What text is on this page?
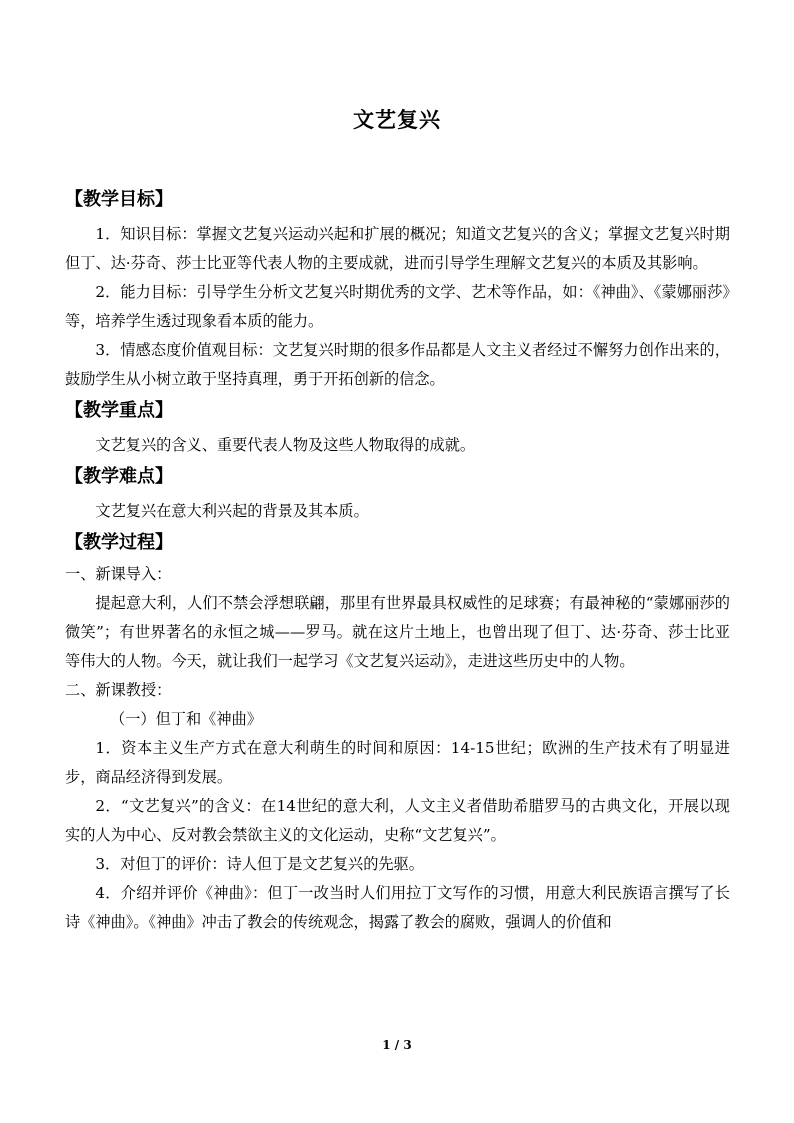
文艺复兴

【教学目标】

1．知识目标：掌握文艺复兴运动兴起和扩展的概况；知道文艺复兴的含义；掌握文艺复兴时期但丁、达·芬奇、莎士比亚等代表人物的主要成就，进而引导学生理解文艺复兴的本质及其影响。

2．能力目标：引导学生分析文艺复兴时期优秀的文学、艺术等作品，如：《神曲》、《蒙娜丽莎》等，培养学生透过现象看本质的能力。

3．情感态度价值观目标：文艺复兴时期的很多作品都是人文主义者经过不懈努力创作出来的，鼓励学生从小树立敢于坚持真理，勇于开拓创新的信念。

【教学重点】

文艺复兴的含义、重要代表人物及这些人物取得的成就。

【教学难点】

文艺复兴在意大利兴起的背景及其本质。

【教学过程】

一、新课导入：

提起意大利，人们不禁会浮想联翩，那里有世界最具权威性的足球赛；有最神秘的“蒙娜丽莎的微笑”；有世界著名的永恒之城——罗马。就在这片土地上，也曾出现了但丁、达·芬奇、莎士比亚等伟大的人物。今天，就让我们一起学习《文艺复兴运动》，走进这些历史中的人物。

二、新课教授：

（一）但丁和《神曲》

1．资本主义生产方式在意大利萌生的时间和原因：14-15世纪；欧洲的生产技术有了明显进步，商品经济得到发展。

2．“文艺复兴”的含义：在14世纪的意大利，人文主义者借助希腊罗马的古典文化，开展以现实的人为中心、反对教会禁欲主义的文化运动，史称“文艺复兴”。

3．对但丁的评价：诗人但丁是文艺复兴的先驱。

4．介绍并评价《神曲》：但丁一改当时人们用拉丁文写作的习惯，用意大利民族语言撰写了长诗《神曲》。《神曲》冲击了教会的传统观念，揭露了教会的腐败，强调人的价值和

1 / 3
